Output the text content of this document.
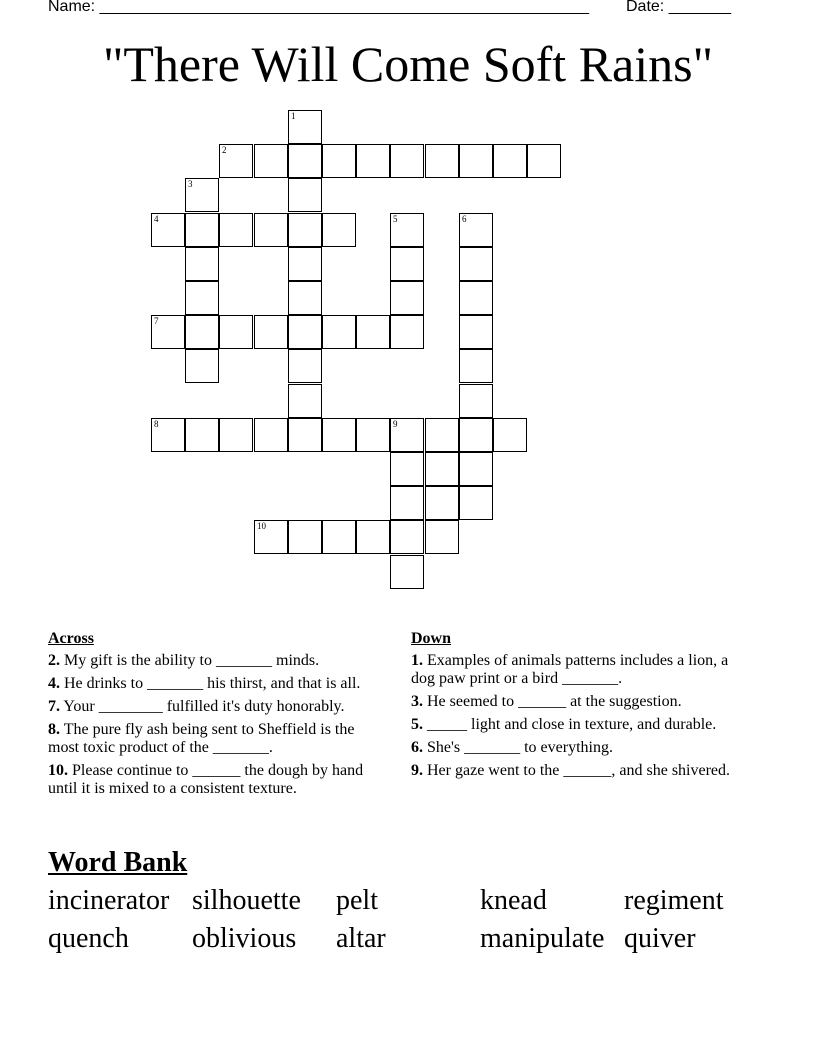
Name: _______________________________________________________ Date: _______
"There Will Come Soft Rains"
1
2
3
4	5	6
7
8	9
10
Across
2. My gift is the ability to _______ minds.
4. He drinks to _______ his thirst, and that is all.
7. Your ________ fulfilled it's duty honorably.
8. The pure fly ash being sent to Sheffield is the most toxic product of the _______.
10. Please continue to ______ the dough by hand until it is mixed to a consistent texture.
Down
1. Examples of animals patterns includes a lion, a dog paw print or a bird _______.
3. He seemed to ______ at the suggestion.
5. _____ light and close in texture, and durable.
6. She's _______ to everything.
9. Her gaze went to the ______, and she shivered.
Word Bank
incinerator silhouette pelt	knead	regiment
quench oblivious altar	manipulate quiver
